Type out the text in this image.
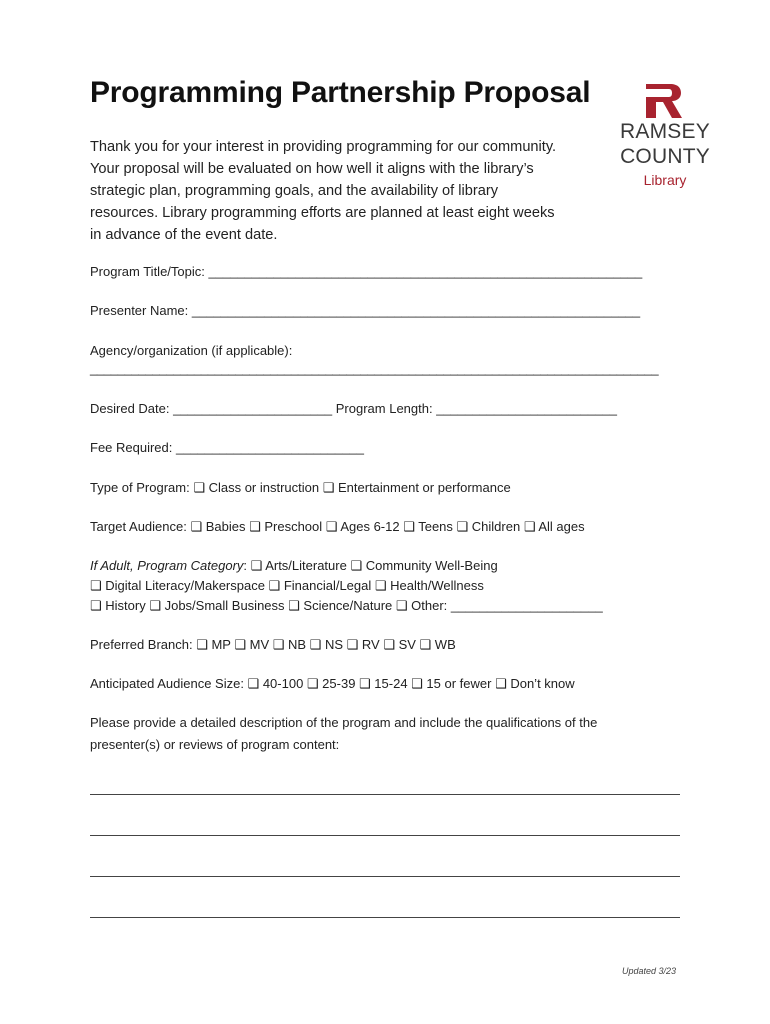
Programming Partnership Proposal
Thank you for your interest in providing programming for our community.
Your proposal will be evaluated on how well it aligns with the library’s
strategic plan, programming goals, and the availability of library
resources. Library programming efforts are planned at least eight weeks
in advance of the event date.
RAMSEY
COUNTY
Library

Program Title/Topic: ____________________________________________________________

Presenter Name: ______________________________________________________________

Agency/organization (if applicable):

__________________________________________________________________________________

Desired Date: ______________________ Program Length: _________________________

Fee Required: __________________________

Type of Program: ❑ Class or instruction ❑ Entertainment or performance

Target Audience: ❑ Babies ❑ Preschool ❑ Ages 6-12 ❑ Teens ❑ Children ❑ All ages

If Adult, Program Category: ❑ Arts/Literature ❑ Community Well-Being

❑ Digital Literacy/Makerspace ❑ Financial/Legal ❑ Health/Wellness

❑ History ❑ Jobs/Small Business ❑ Science/Nature ❑ Other: _____________________

Preferred Branch: ❑ MP ❑ MV ❑ NB ❑ NS ❑ RV ❑ SV ❑ WB

Anticipated Audience Size: ❑ 40-100 ❑ 25-39 ❑ 15-24 ❑ 15 or fewer ❑ Don’t know

Please provide a detailed description of the program and include the qualifications of the

presenter(s) or reviews of program content:

Updated 3/23
